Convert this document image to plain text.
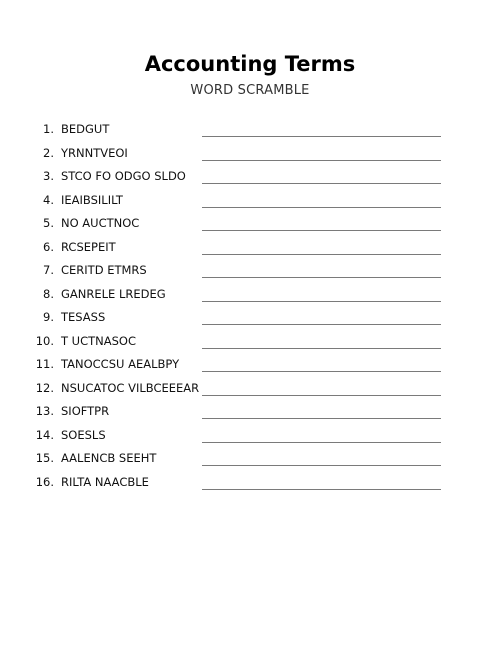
Accounting Terms
WORD SCRAMBLE
1. BEDGUT
2. YRNNTVEOI
3. STCO FO ODGO SLDO
4. IEAIBSILILT
5. NO AUCTNOC
6. RCSEPEIT
7. CERITD ETMRS
8. GANRELE LREDEG
9. TESASS
10. T UCTNASOC
11. TANOCCSU AEALBPY
12. NSUCATOC VILBCEEEAR
13. SIOFTPR
14. SOESLS
15. AALENCB SEEHT
16. RILTA NAACBLE
